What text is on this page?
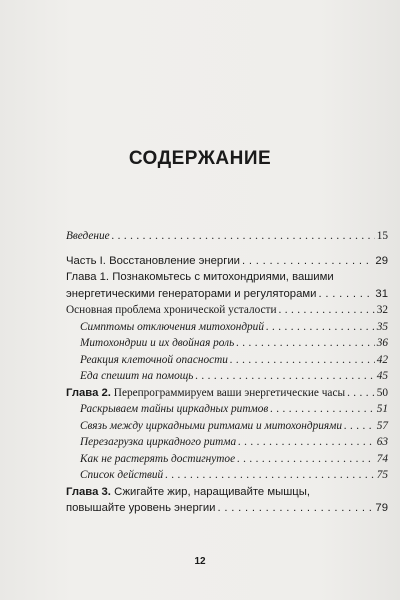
СОДЕРЖАНИЕ
Введение . . .	15
Часть I. Восстановление энергии . . .	29
Глава 1. Познакомьтесь с митохондриями, вашими
энергетическими генераторами и регуляторами . . .	31
Основная проблема хронической усталости . . .	32
Симптомы отключения митохондрий . . .	35
Митохондрии и их двойная роль . . .	36
Реакция клеточной опасности . . .	42
Еда спешит на помощь . . .	45
Глава 2. Перепрограммируем ваши энергетические часы . . .	50
Раскрываем тайны циркадных ритмов . . .	51
Связь между циркадными ритмами и митохондриями . . .	57
Перезагрузка циркадного ритма . . .	63
Как не растерять достигнутое . . .	74
Список действий . . .	75
Глава 3. Сжигайте жир, наращивайте мышцы,
повышайте уровень энергии . . .	79
12
